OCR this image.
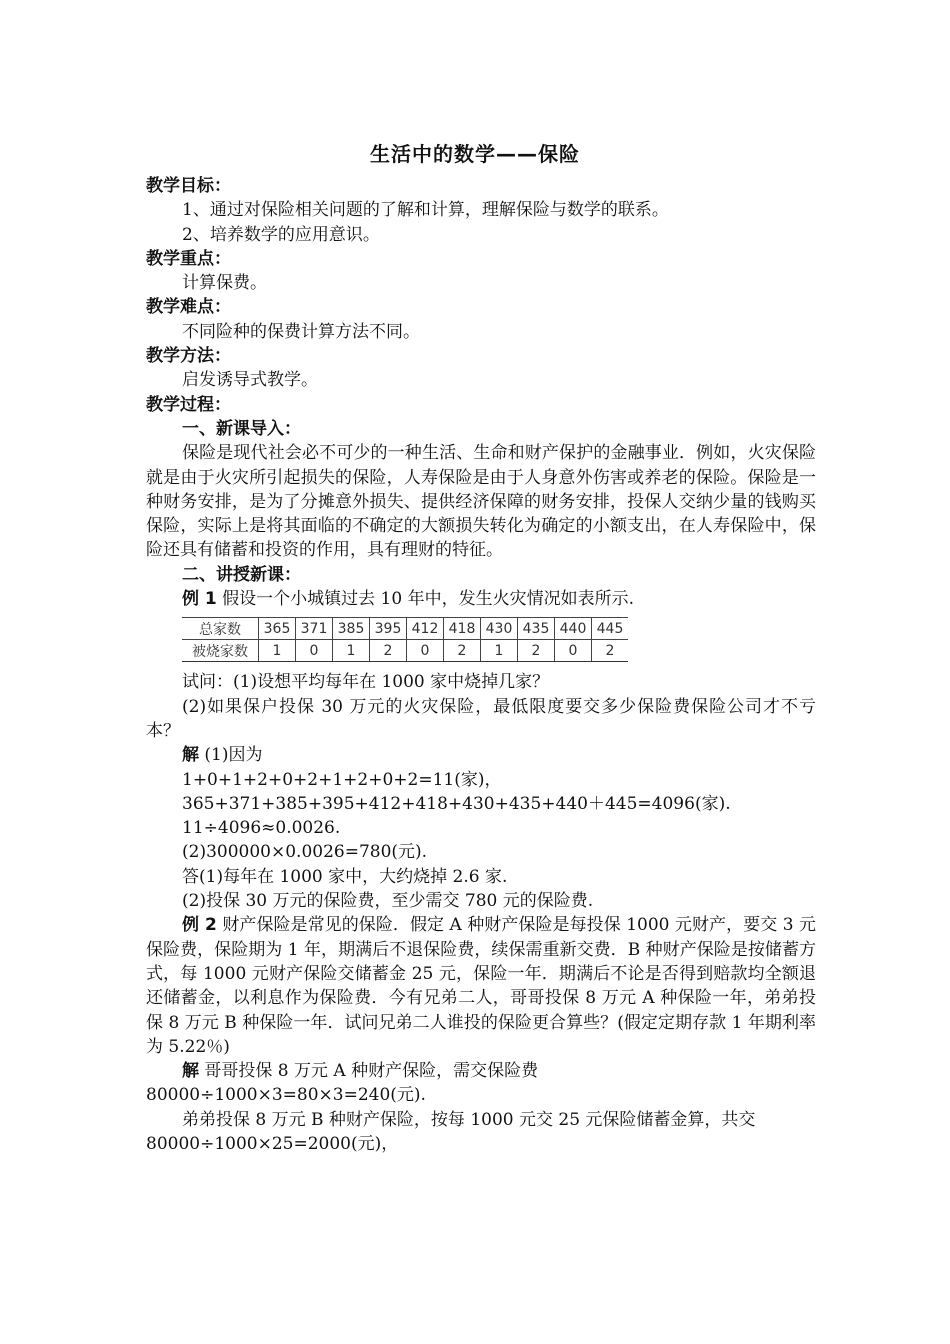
生活中的数学——保险
教学目标：
1、通过对保险相关问题的了解和计算，理解保险与数学的联系。
2、培养数学的应用意识。
教学重点：
计算保费。
教学难点：
不同险种的保费计算方法不同。
教学方法：
启发诱导式教学。
教学过程：
一、新课导入：
保险是现代社会必不可少的一种生活、生命和财产保护的金融事业．例如，火灾保险就是由于火灾所引起损失的保险，人寿保险是由于人身意外伤害或养老的保险。保险是一种财务安排，是为了分摊意外损失、提供经济保障的财务安排，投保人交纳少量的钱购买保险，实际上是将其面临的不确定的大额损失转化为确定的小额支出，在人寿保险中，保险还具有储蓄和投资的作用，具有理财的特征。
二、讲授新课：
例 1 假设一个小城镇过去 10 年中，发生火灾情况如表所示.
总家数	365	371	385	395	412	418	430	435	440	445
被烧家数	1	0	1	2	0	2	1	2	0	2
试问：(1)设想平均每年在 1000 家中烧掉几家？
(2)如果保户投保 30 万元的火灾保险，最低限度要交多少保险费保险公司才不亏本？
解 (1)因为
1+0+1+2+0+2+1+2+0+2=11(家)，
365+371+385+395+412+418+430+435+440＋445=4096(家).
11÷4096≈0.0026.
(2)300000×0.0026=780(元).
答(1)每年在 1000 家中，大约烧掉 2.6 家.
(2)投保 30 万元的保险费，至少需交 780 元的保险费.
例 2 财产保险是常见的保险．假定 A 种财产保险是每投保 1000 元财产，要交 3 元保险费，保险期为 1 年，期满后不退保险费，续保需重新交费．B 种财产保险是按储蓄方式，每 1000 元财产保险交储蓄金 25 元，保险一年．期满后不论是否得到赔款均全额退还储蓄金，以利息作为保险费．今有兄弟二人，哥哥投保 8 万元 A 种保险一年，弟弟投保 8 万元 B 种保险一年．试问兄弟二人谁投的保险更合算些？(假定定期存款 1 年期利率为 5.22％)
解 哥哥投保 8 万元 A 种财产保险，需交保险费
80000÷1000×3=80×3=240(元).
弟弟投保 8 万元 B 种财产保险，按每 1000 元交 25 元保险储蓄金算，共交
80000÷1000×25=2000(元)，
